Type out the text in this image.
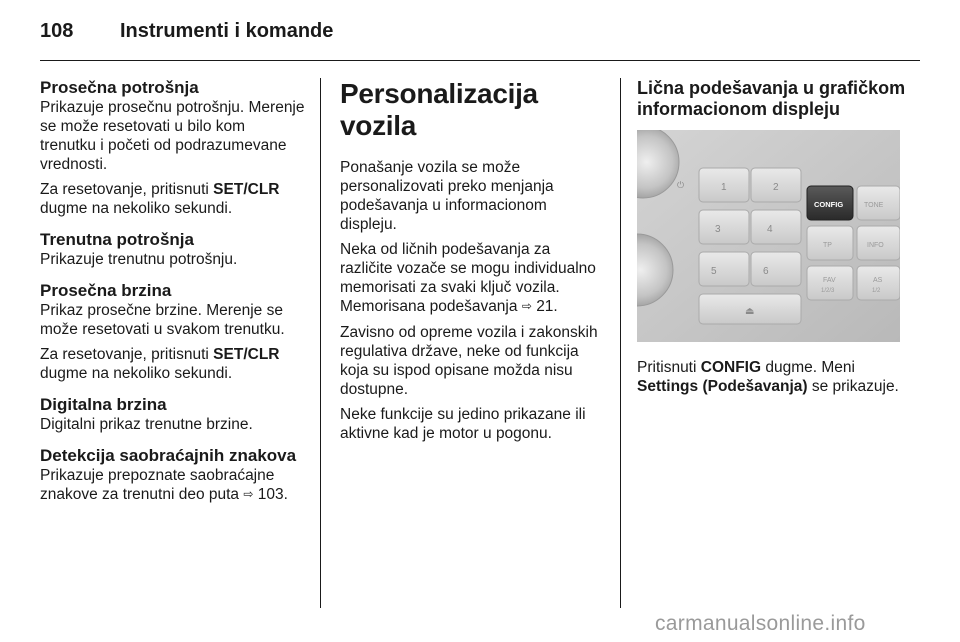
108 Instrumenti i komande
Prosečna potrošnja

Prikazuje prosečnu potrošnju. Merenje se može resetovati u bilo kom trenutku i početi od podrazumevane vrednosti.

Za resetovanje, pritisnuti SET/CLR dugme na nekoliko sekundi.

Trenutna potrošnja

Prikazuje trenutnu potrošnju.

Prosečna brzina

Prikaz prosečne brzine. Merenje se može resetovati u svakom trenutku.

Za resetovanje, pritisnuti SET/CLR dugme na nekoliko sekundi.

Digitalna brzina

Digitalni prikaz trenutne brzine.

Detekcija saobraćajnih znakova

Prikazuje prepoznate saobraćajne znakove za trenutni deo puta ⇨ 103.

Personalizacija vozila

Ponašanje vozila se može personalizovati preko menjanja podešavanja u informacionom displeju.

Neka od ličnih podešavanja za različite vozače se mogu individualno memorisati za svaki ključ vozila. Memorisana podešavanja ⇨ 21.

Zavisno od opreme vozila i zakonskih regulativa države, neke od funkcija koja su ispod opisane možda nisu dostupne.

Neke funkcije su jedino prikazane ili aktivne kad je motor u pogonu.

Lična podešavanja u grafičkom informacionom displeju
⏻
⏏
1	2
3	4
5	6
CONFIG	TONE
TP	INFO
FAV
1/2/3
AS
1/2

Pritisnuti CONFIG dugme. Meni Settings (Podešavanja) se prikazuje.

carmanualsonline.info
